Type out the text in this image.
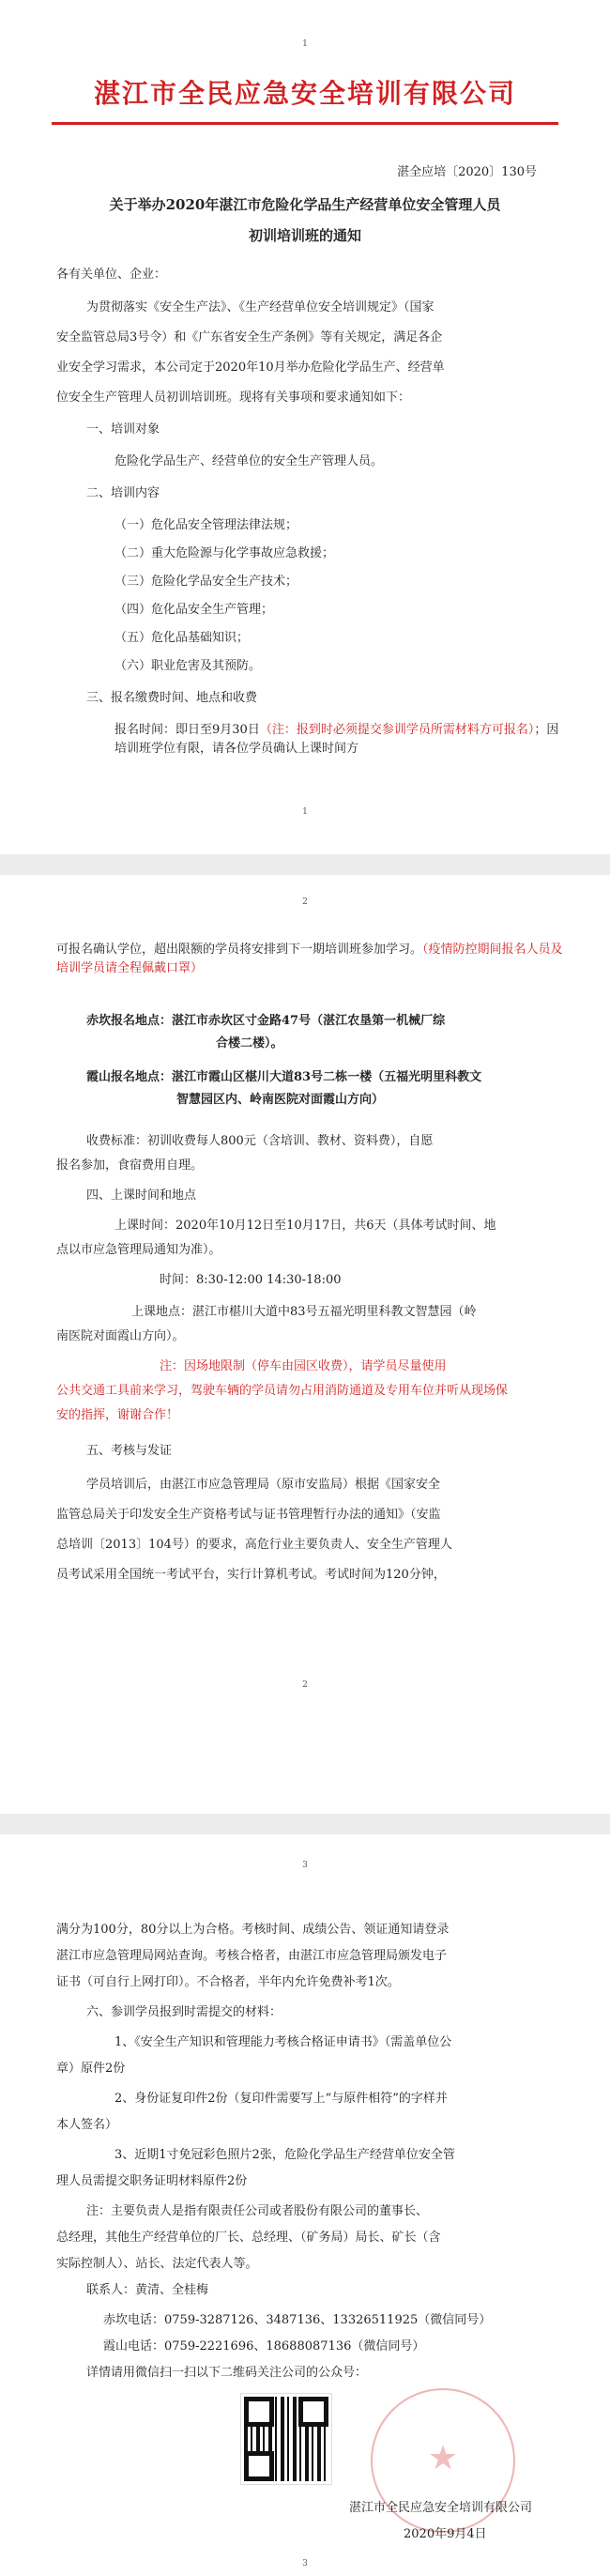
1
湛江市全民应急安全培训有限公司
湛全应培〔2020〕130号
关于举办2020年湛江市危险化学品生产经营单位安全管理人员
初训培训班的通知
各有关单位、企业：
为贯彻落实《安全生产法》、《生产经营单位安全培训规定》（国家
安全监管总局3号令）和《广东省安全生产条例》等有关规定，满足各企
业安全学习需求，本公司定于2020年10月举办危险化学品生产、经营单
位安全生产管理人员初训培训班。现将有关事项和要求通知如下：
一、培训对象
危险化学品生产、经营单位的安全生产管理人员。
二、培训内容
（一）危化品安全管理法律法规；
（二）重大危险源与化学事故应急救援；
（三）危险化学品安全生产技术；
（四）危化品安全生产管理；
（五）危化品基础知识；
（六）职业危害及其预防。
三、报名缴费时间、地点和收费
报名时间：即日至9月30日（注：报到时必须提交参训学员所需材料方可报名）；因培训班学位有限，请各位学员确认上课时间方
1
2
可报名确认学位，超出限额的学员将安排到下一期培训班参加学习。（疫情防控期间报名人员及培训学员请全程佩戴口罩）
赤坎报名地点：湛江市赤坎区寸金路47号（湛江农垦第一机械厂综
合楼二楼）。
霞山报名地点：湛江市霞山区椹川大道83号二栋一楼（五福光明里科教文
智慧园区内、岭南医院对面霞山方向）
收费标准：初训收费每人800元（含培训、教材、资料费），自愿
报名参加，食宿费用自理。
四、上课时间和地点
上课时间：2020年10月12日至10月17日，共6天（具体考试时间、地
点以市应急管理局通知为准）。
时间：8:30-12:00 14:30-18:00
上课地点：湛江市椹川大道中83号五福光明里科教文智慧园（岭
南医院对面霞山方向）。
注：因场地限制（停车由园区收费），请学员尽量使用
公共交通工具前来学习，驾驶车辆的学员请勿占用消防通道及专用车位并听从现场保
安的指挥，谢谢合作！
五、考核与发证
学员培训后，由湛江市应急管理局（原市安监局）根据《国家安全
监管总局关于印发安全生产资格考试与证书管理暂行办法的通知》（安监
总培训〔2013〕104号）的要求，高危行业主要负责人、安全生产管理人
员考试采用全国统一考试平台，实行计算机考试。考试时间为120分钟，
2
3
满分为100分，80分以上为合格。考核时间、成绩公告、领证通知请登录
湛江市应急管理局网站查询。考核合格者，由湛江市应急管理局颁发电子
证书（可自行上网打印）。不合格者，半年内允许免费补考1次。
六、参训学员报到时需提交的材料：
1、《安全生产知识和管理能力考核合格证申请书》（需盖单位公
章）原件2份
2、身份证复印件2份（复印件需要写上“与原件相符”的字样并
本人签名）
3、近期1寸免冠彩色照片2张，危险化学品生产经营单位安全管
理人员需提交职务证明材料原件2份
注：主要负责人是指有限责任公司或者股份有限公司的董事长、
总经理，其他生产经营单位的厂长、总经理、（矿务局）局长、矿长（含
实际控制人）、站长、法定代表人等。
联系人：黄清、全桂梅
赤坎电话：0759-3287126、3487136、13326511925（微信同号）
霞山电话：0759-2221696、18688087136（微信同号）
详情请用微信扫一扫以下二维码关注公司的公众号：
★
湛江市全民应急安全培训有限公司
2020年9月4日
3
